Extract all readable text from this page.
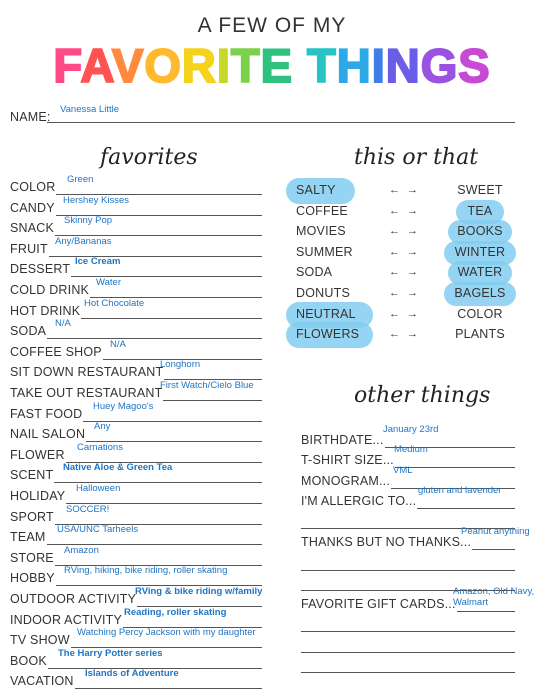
A FEW OF MY
FAVORITE THINGS
NAME:
Vanessa Little
favorites	this or that
other things
COLOR
Green
CANDY
Hershey Kisses
SNACK
Skinny Pop
FRUIT
Any/Bananas
DESSERT
Ice Cream
COLD DRINK
Water
HOT DRINK
Hot Chocolate
SODA
N/A
COFFEE SHOP
N/A
SIT DOWN RESTAURANT
Longhorn
TAKE OUT RESTAURANT
First Watch/Cielo Blue
FAST FOOD
Huey Magoo's
NAIL SALON
Any
FLOWER
Carnations
SCENT
Native Aloe & Green Tea
HOLIDAY
Halloween
SPORT
SOCCER!
TEAM
USA/UNC Tarheels
STORE
Amazon
HOBBY
RVing, hiking, bike riding, roller skating
OUTDOOR ACTIVITY
RVing & bike riding w/family
INDOOR ACTIVITY
Reading, roller skating
TV SHOW
Watching Percy Jackson with my daughter
BOOK
The Harry Potter series
VACATION
Islands of Adventure
SALTY	← →	SWEET
COFFEE	← →	TEA
MOVIES	← →	BOOKS
SUMMER	← →	WINTER
SODA	← →	WATER
DONUTS	← →	BAGELS
NEUTRAL	← →	COLOR
FLOWERS	← →	PLANTS
BIRTHDATE...
January 23rd
T-SHIRT SIZE...
Medium
MONOGRAM...
VML
I'M ALLERGIC TO...
gluten and lavender
THANKS BUT NO THANKS...
Peanut anything
FAVORITE GIFT CARDS...
Amazon, Old Navy, Walmart
